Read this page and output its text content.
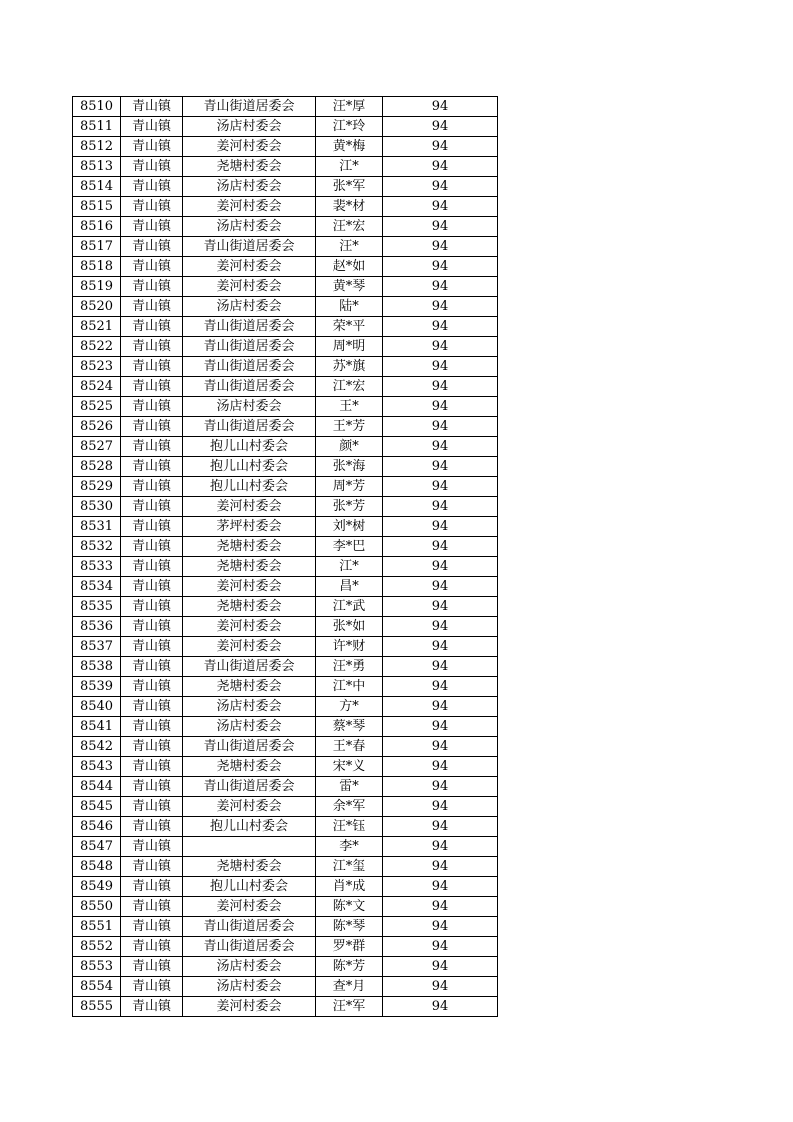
8510	青山镇	青山街道居委会	汪*厚	94
8511	青山镇	汤店村委会	江*玲	94
8512	青山镇	姜河村委会	黄*梅	94
8513	青山镇	尧塘村委会	江*	94
8514	青山镇	汤店村委会	张*军	94
8515	青山镇	姜河村委会	裴*材	94
8516	青山镇	汤店村委会	汪*宏	94
8517	青山镇	青山街道居委会	汪*	94
8518	青山镇	姜河村委会	赵*如	94
8519	青山镇	姜河村委会	黄*琴	94
8520	青山镇	汤店村委会	陆*	94
8521	青山镇	青山街道居委会	荣*平	94
8522	青山镇	青山街道居委会	周*明	94
8523	青山镇	青山街道居委会	苏*旗	94
8524	青山镇	青山街道居委会	江*宏	94
8525	青山镇	汤店村委会	王*	94
8526	青山镇	青山街道居委会	王*芳	94
8527	青山镇	抱儿山村委会	颜*	94
8528	青山镇	抱儿山村委会	张*海	94
8529	青山镇	抱儿山村委会	周*芳	94
8530	青山镇	姜河村委会	张*芳	94
8531	青山镇	茅坪村委会	刘*树	94
8532	青山镇	尧塘村委会	李*巴	94
8533	青山镇	尧塘村委会	江*	94
8534	青山镇	姜河村委会	昌*	94
8535	青山镇	尧塘村委会	江*武	94
8536	青山镇	姜河村委会	张*如	94
8537	青山镇	姜河村委会	许*财	94
8538	青山镇	青山街道居委会	汪*勇	94
8539	青山镇	尧塘村委会	江*中	94
8540	青山镇	汤店村委会	方*	94
8541	青山镇	汤店村委会	蔡*琴	94
8542	青山镇	青山街道居委会	王*春	94
8543	青山镇	尧塘村委会	宋*义	94
8544	青山镇	青山街道居委会	雷*	94
8545	青山镇	姜河村委会	余*军	94
8546	青山镇	抱儿山村委会	汪*钰	94
8547	青山镇		李*	94
8548	青山镇	尧塘村委会	江*玺	94
8549	青山镇	抱儿山村委会	肖*成	94
8550	青山镇	姜河村委会	陈*文	94
8551	青山镇	青山街道居委会	陈*琴	94
8552	青山镇	青山街道居委会	罗*群	94
8553	青山镇	汤店村委会	陈*芳	94
8554	青山镇	汤店村委会	查*月	94
8555	青山镇	姜河村委会	汪*军	94
